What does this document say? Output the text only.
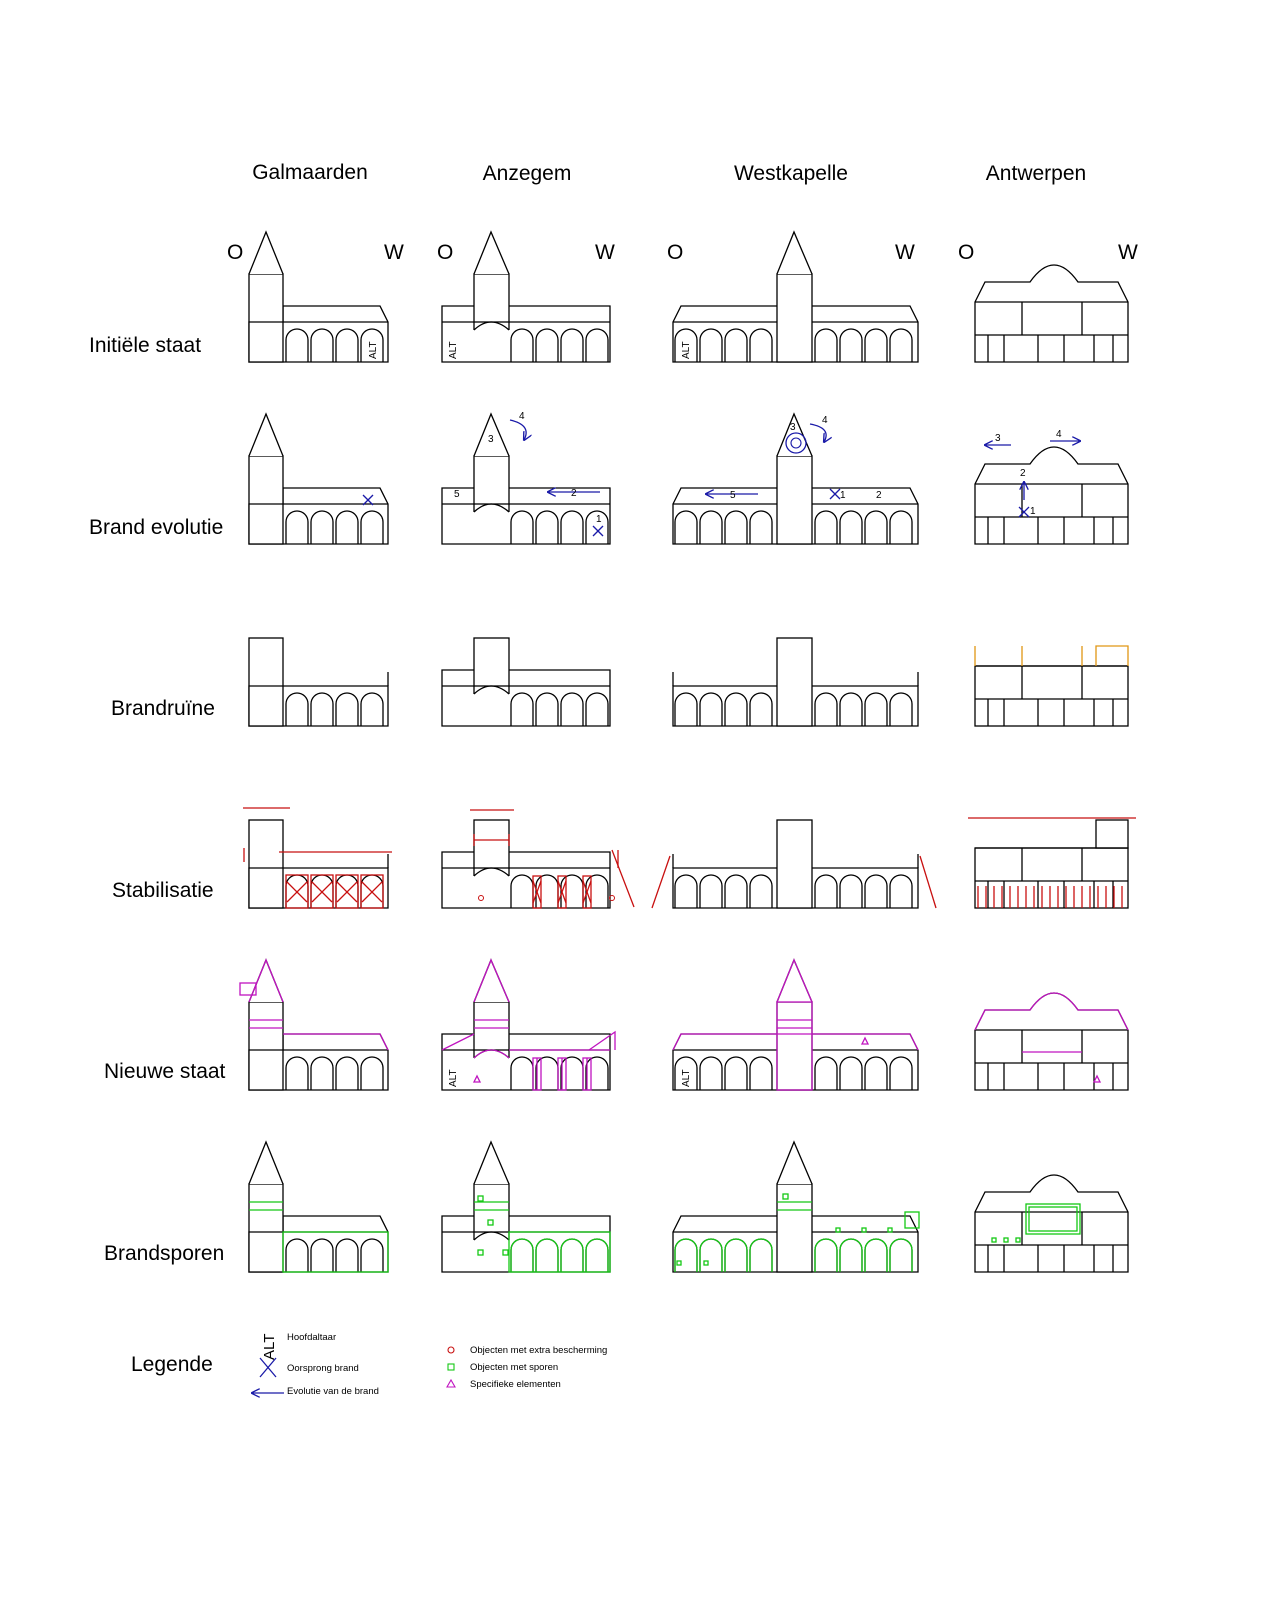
Galmaarden	Anzegem	Westkapelle	Antwerpen
O	W O	W O	W O	W
Initiële staat
Brand evolutie
Brandruïne
Stabilisatie
Nieuwe staat
Brandsporen
ALT	ALT	ALT
5	2
3
4
1
5	1	2
3
4
3	4
2
1
ALT	ALT
Legende
ALT Hoofdaltaar
Oorsprong brand
Evolutie van de brand
Objecten met extra bescherming
Objecten met sporen
Specifieke elementen
